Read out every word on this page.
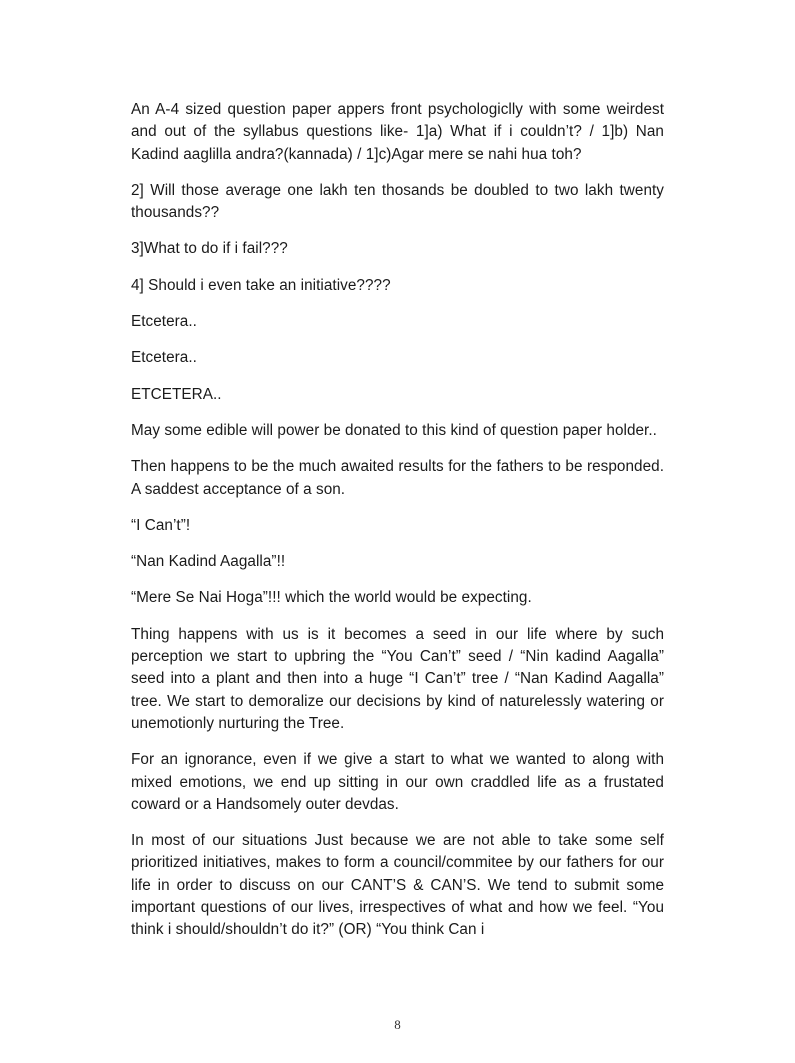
An A-4 sized question paper appers front psychologiclly with some weirdest and out of the syllabus questions like- 1]a) What if i couldn’t? / 1]b) Nan Kadind aaglilla andra?(kannada) / 1]c)Agar mere se nahi hua toh?

2] Will those average one lakh ten thosands be doubled to two lakh twenty thousands??

3]What to do if i fail???

4] Should i even take an initiative????

Etcetera..

Etcetera..

ETCETERA..

May some edible will power be donated to this kind of question paper holder..

Then happens to be the much awaited results for the fathers to be responded. A saddest acceptance of a son.

“I Can’t”!

“Nan Kadind Aagalla”!!

“Mere Se Nai Hoga”!!! which the world would be expecting.

Thing happens with us is it becomes a seed in our life where by such perception we start to upbring the “You Can’t” seed / “Nin kadind Aagalla” seed into a plant and then into a huge “I Can’t” tree / “Nan Kadind Aagalla” tree. We start to demoralize our decisions by kind of naturelessly watering or unemotionly nurturing the Tree.

For an ignorance, even if we give a start to what we wanted to along with mixed emotions, we end up sitting in our own craddled life as a frustated coward or a Handsomely outer devdas.

In most of our situations Just because we are not able to take some self prioritized initiatives, makes to form a council/commitee by our fathers for our life in order to discuss on our CANT’S & CAN’S. We tend to submit some important questions of our lives, irrespectives of what and how we feel. “You think i should/shouldn’t do it?” (OR) “You think Can i

8
